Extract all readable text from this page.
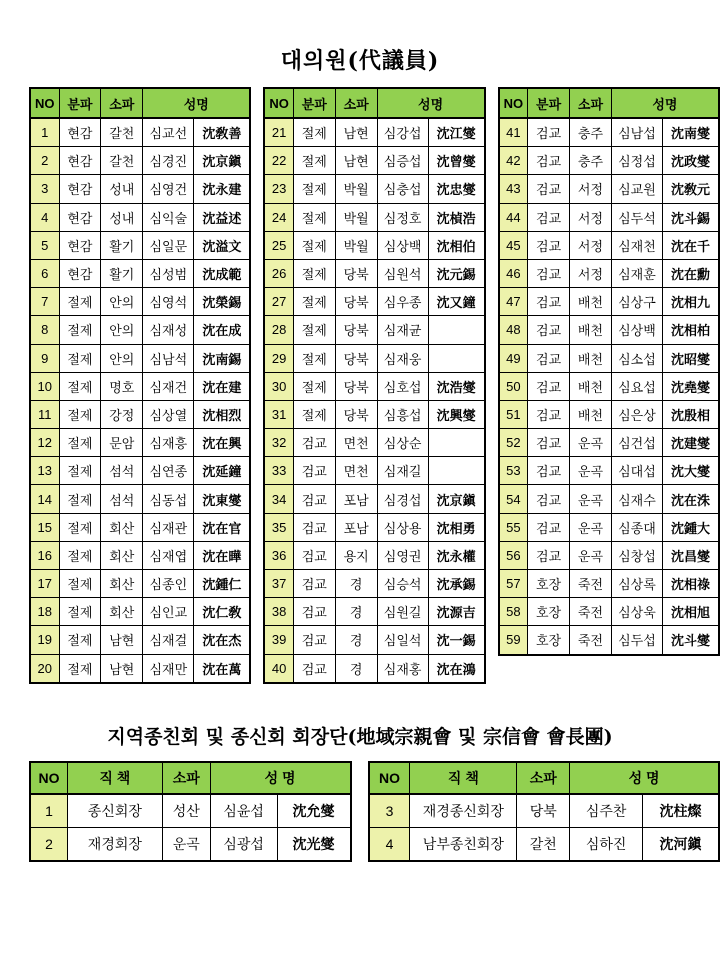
대의원(代議員)
NO	분파	소파	성명	
1	현감	갈천	심교선	沈敎善
2	현감	갈천	심경진	沈京鎭
3	현감	성내	심영건	沈永建
4	현감	성내	심익술	沈益述
5	현감	활기	심일문	沈溢文
6	현감	활기	심성범	沈成範
7	절제	안의	심영석	沈榮錫
8	절제	안의	심재성	沈在成
9	절제	안의	심남석	沈南錫
10	절제	명호	심재건	沈在建
11	절제	강정	심상열	沈相烈
12	절제	문암	심재흥	沈在興
13	절제	섬석	심연종	沈延鐘
14	절제	섬석	심동섭	沈東燮
15	절제	회산	심재관	沈在官
16	절제	회산	심재엽	沈在曄
17	절제	회산	심종인	沈鍾仁
18	절제	회산	심인교	沈仁敎
19	절제	남현	심재걸	沈在杰
20	절제	남현	심재만	沈在萬
NO	분파	소파	성명	
21	절제	남현	심강섭	沈江燮
22	절제	남현	심증섭	沈曾燮
23	절제	박월	심충섭	沈忠燮
24	절제	박월	심정호	沈楨浩
25	절제	박월	심상백	沈相伯
26	절제	당북	심원석	沈元錫
27	절제	당북	심우종	沈又鐘
28	절제	당북	심재균	
29	절제	당북	심재웅	
30	절제	당북	심호섭	沈浩燮
31	절제	당북	심흥섭	沈興燮
32	검교	면천	심상순	
33	검교	면천	심재길	
34	검교	포남	심경섭	沈京鎭
35	검교	포남	심상용	沈相勇
36	검교	용지	심영권	沈永權
37	검교	경	심승석	沈承錫
38	검교	경	심원길	沈源吉
39	검교	경	심일석	沈一錫
40	검교	경	심재홍	沈在鴻
NO	분파	소파	성명	
41	검교	충주	심남섭	沈南燮
42	검교	충주	심정섭	沈政燮
43	검교	서정	심교원	沈敎元
44	검교	서정	심두석	沈斗錫
45	검교	서정	심재천	沈在千
46	검교	서정	심재훈	沈在勳
47	검교	배천	심상구	沈相九
48	검교	배천	심상백	沈相柏
49	검교	배천	심소섭	沈昭燮
50	검교	배천	심요섭	沈堯燮
51	검교	배천	심은상	沈殷相
52	검교	운곡	심건섭	沈建燮
53	검교	운곡	심대섭	沈大燮
54	검교	운곡	심재수	沈在洙
55	검교	운곡	심종대	沈鍾大
56	검교	운곡	심창섭	沈昌燮
57	호장	죽전	심상록	沈相祿
58	호장	죽전	심상욱	沈相旭
59	호장	죽전	심두섭	沈斗燮
지역종친회 및 종신회 회장단(地域宗親會 및 宗信會 會長團)
NO	직 책	소파	성 명	
1	종신회장	성산	심윤섭	沈允燮
2	재경회장	운곡	심광섭	沈光燮
NO	직 책	소파	성 명	
3	재경종신회장	당북	심주찬	沈柱燦
4	남부종친회장	갈천	심하진	沈河鎭
